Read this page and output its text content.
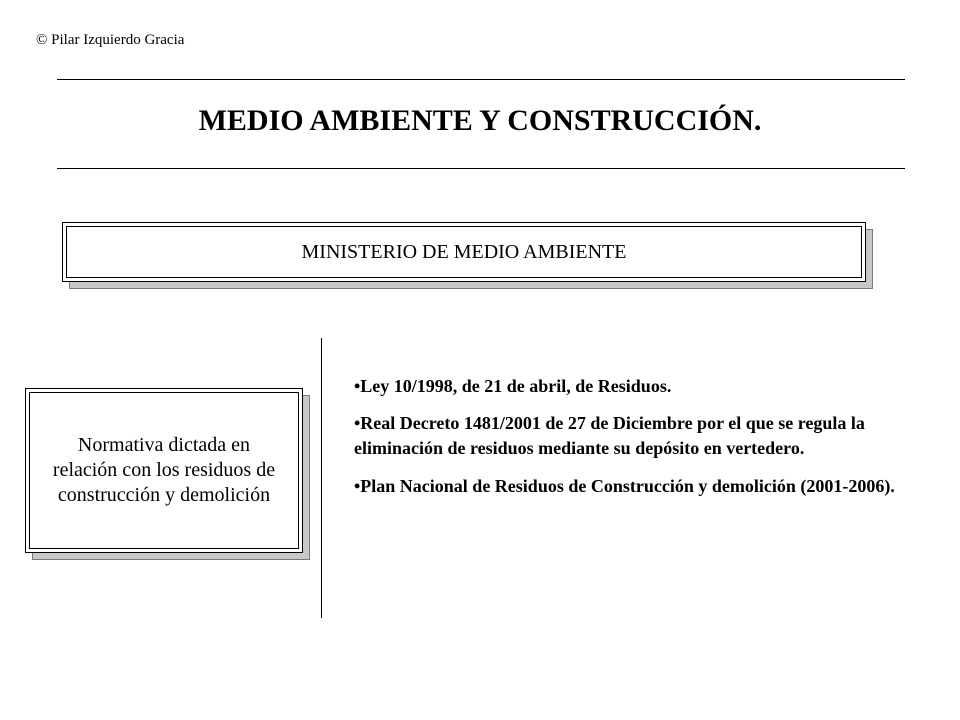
© Pilar Izquierdo Gracia
MEDIO AMBIENTE Y CONSTRUCCIÓN.
MINISTERIO DE MEDIO AMBIENTE
Normativa dictada en
relación con los residuos de
construcción y demolición
•Ley 10/1998, de 21 de abril, de Residuos.
•Real Decreto 1481/2001 de 27 de Diciembre por el que se regula la eliminación de residuos mediante su depósito en vertedero.
•Plan Nacional de Residuos de Construcción y demolición (2001-2006).
